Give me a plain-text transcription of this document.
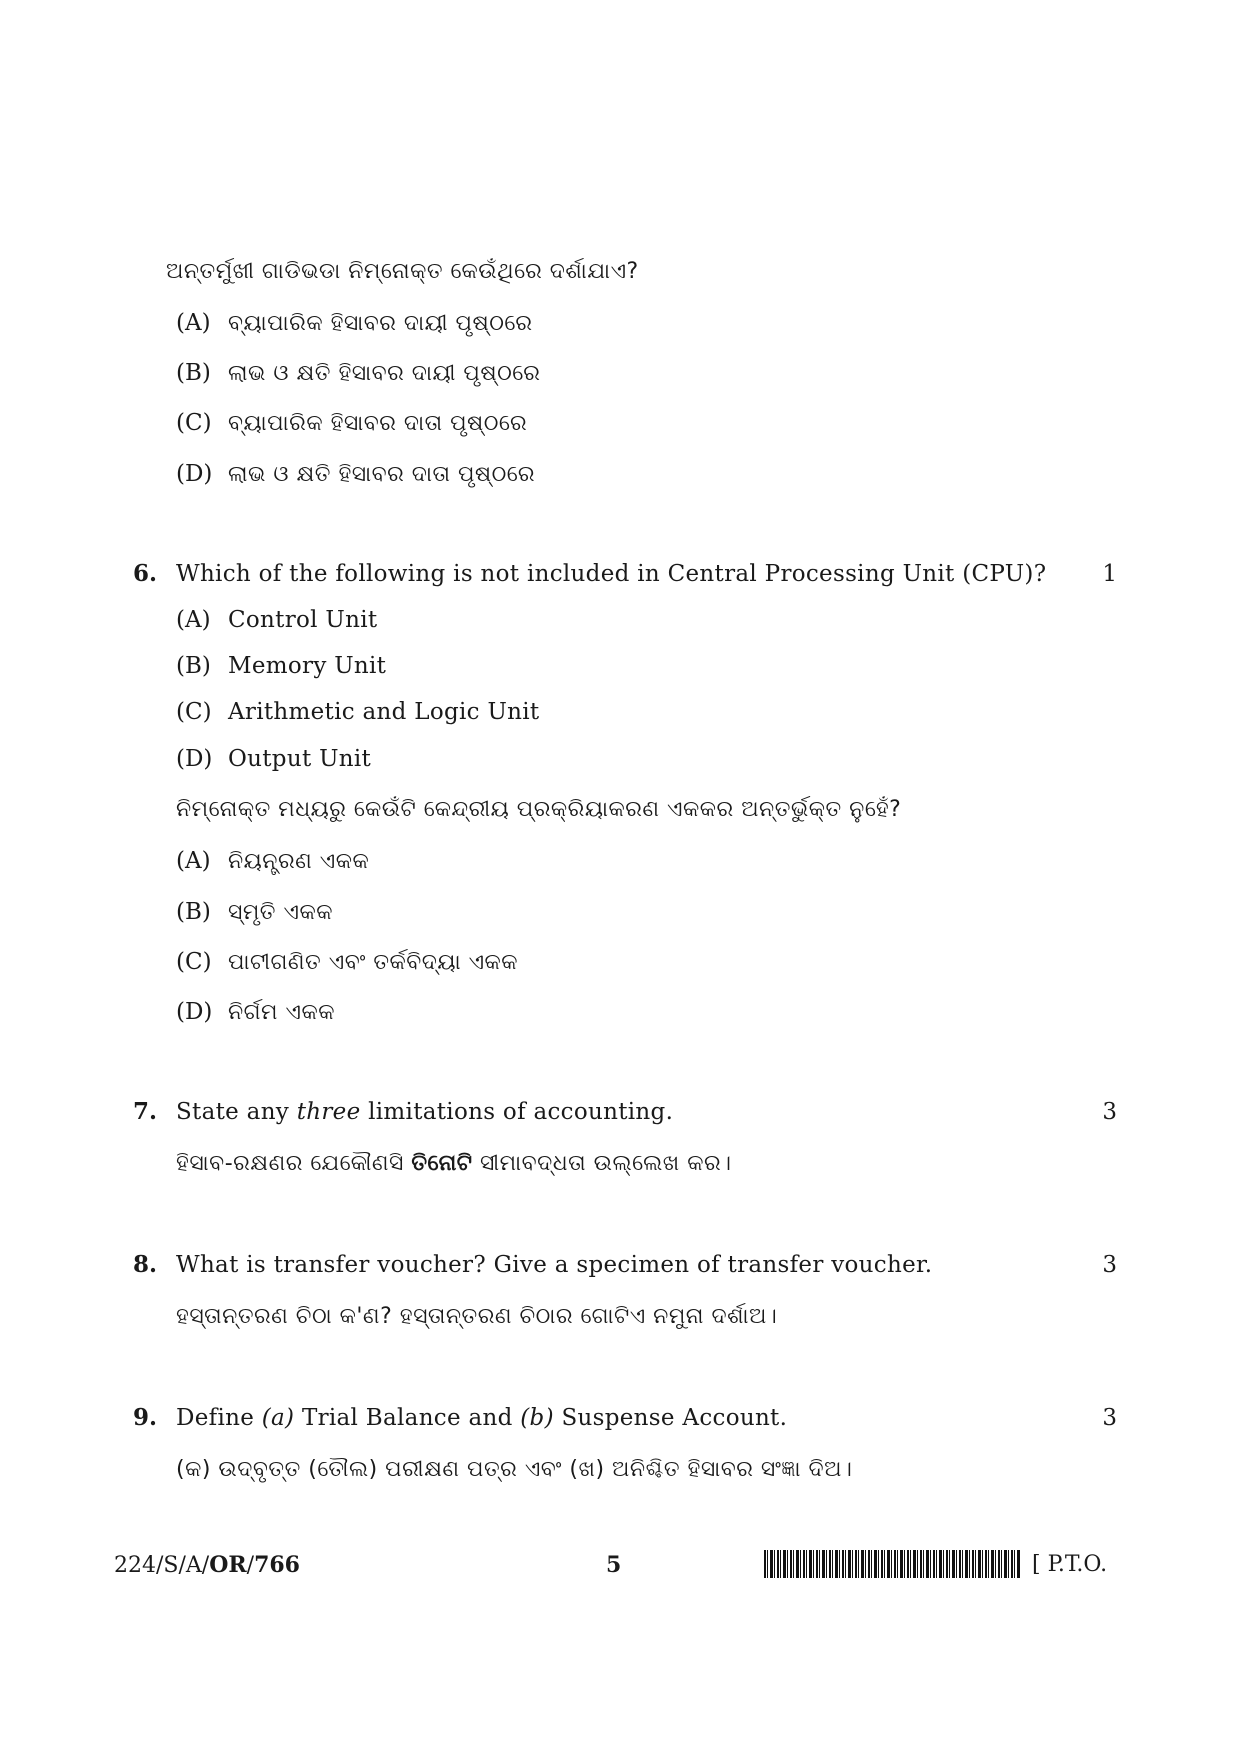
ଅନ୍ତର୍ମୁଖୀ ଗାଡିଭଡା ନିମ୍ନୋକ୍ତ କେଉଁଥିରେ ଦର୍ଶାଯାଏ?
(A) ବ୍ୟାପାରିକ ହିସାବର ଦାୟୀ ପୃଷ୍ଠରେ
(B) ଲାଭ ଓ କ୍ଷତି ହିସାବର ଦାୟୀ ପୃଷ୍ଠରେ
(C) ବ୍ୟାପାରିକ ହିସାବର ଦାତା ପୃଷ୍ଠରେ
(D) ଲାଭ ଓ କ୍ଷତି ହିସାବର ଦାତା ପୃଷ୍ଠରେ
6. Which of the following is not included in Central Processing Unit (CPU)? 1
(A) Control Unit
(B) Memory Unit
(C) Arithmetic and Logic Unit
(D) Output Unit
ନିମ୍ନୋକ୍ତ ମଧ୍ୟରୁ କେଉଁଟି କେନ୍ଦ୍ରୀୟ ପ୍ରକ୍ରିୟାକରଣ ଏକକର ଅନ୍ତର୍ଭୁକ୍ତ ନୁହେଁ?
(A) ନିୟନ୍ତ୍ରଣ ଏକକ
(B) ସ୍ମୃତି ଏକକ
(C) ପାଟୀଗଣିତ ଏବଂ ତର୍କବିଦ୍ୟା ଏକକ
(D) ନିର୍ଗମ ଏକକ
7. State any three limitations of accounting.	3
ହିସାବ-ରକ୍ଷଣର ଯେକୌଣସି ତିନୋଟି ସୀମାବଦ୍ଧତା ଉଲ୍ଲେଖ କର।
8. What is transfer voucher? Give a specimen of transfer voucher.	3
ହସ୍ତାନ୍ତରଣ ଚିଠା କ'ଣ? ହସ୍ତାନ୍ତରଣ ଚିଠାର ଗୋଟିଏ ନମୁନା ଦର୍ଶାଅ।
9. Define (a) Trial Balance and (b) Suspense Account.	3
(କ) ଉଦ୍‌ବୃତ୍ତ (ତୌଲ) ପରୀକ୍ଷଣ ପତ୍ର ଏବଂ (ଖ) ଅନିଶ୍ଚିତ ହିସାବର ସଂଜ୍ଞା ଦିଅ।
224/S/A/OR/766	5	[ P.T.O.
